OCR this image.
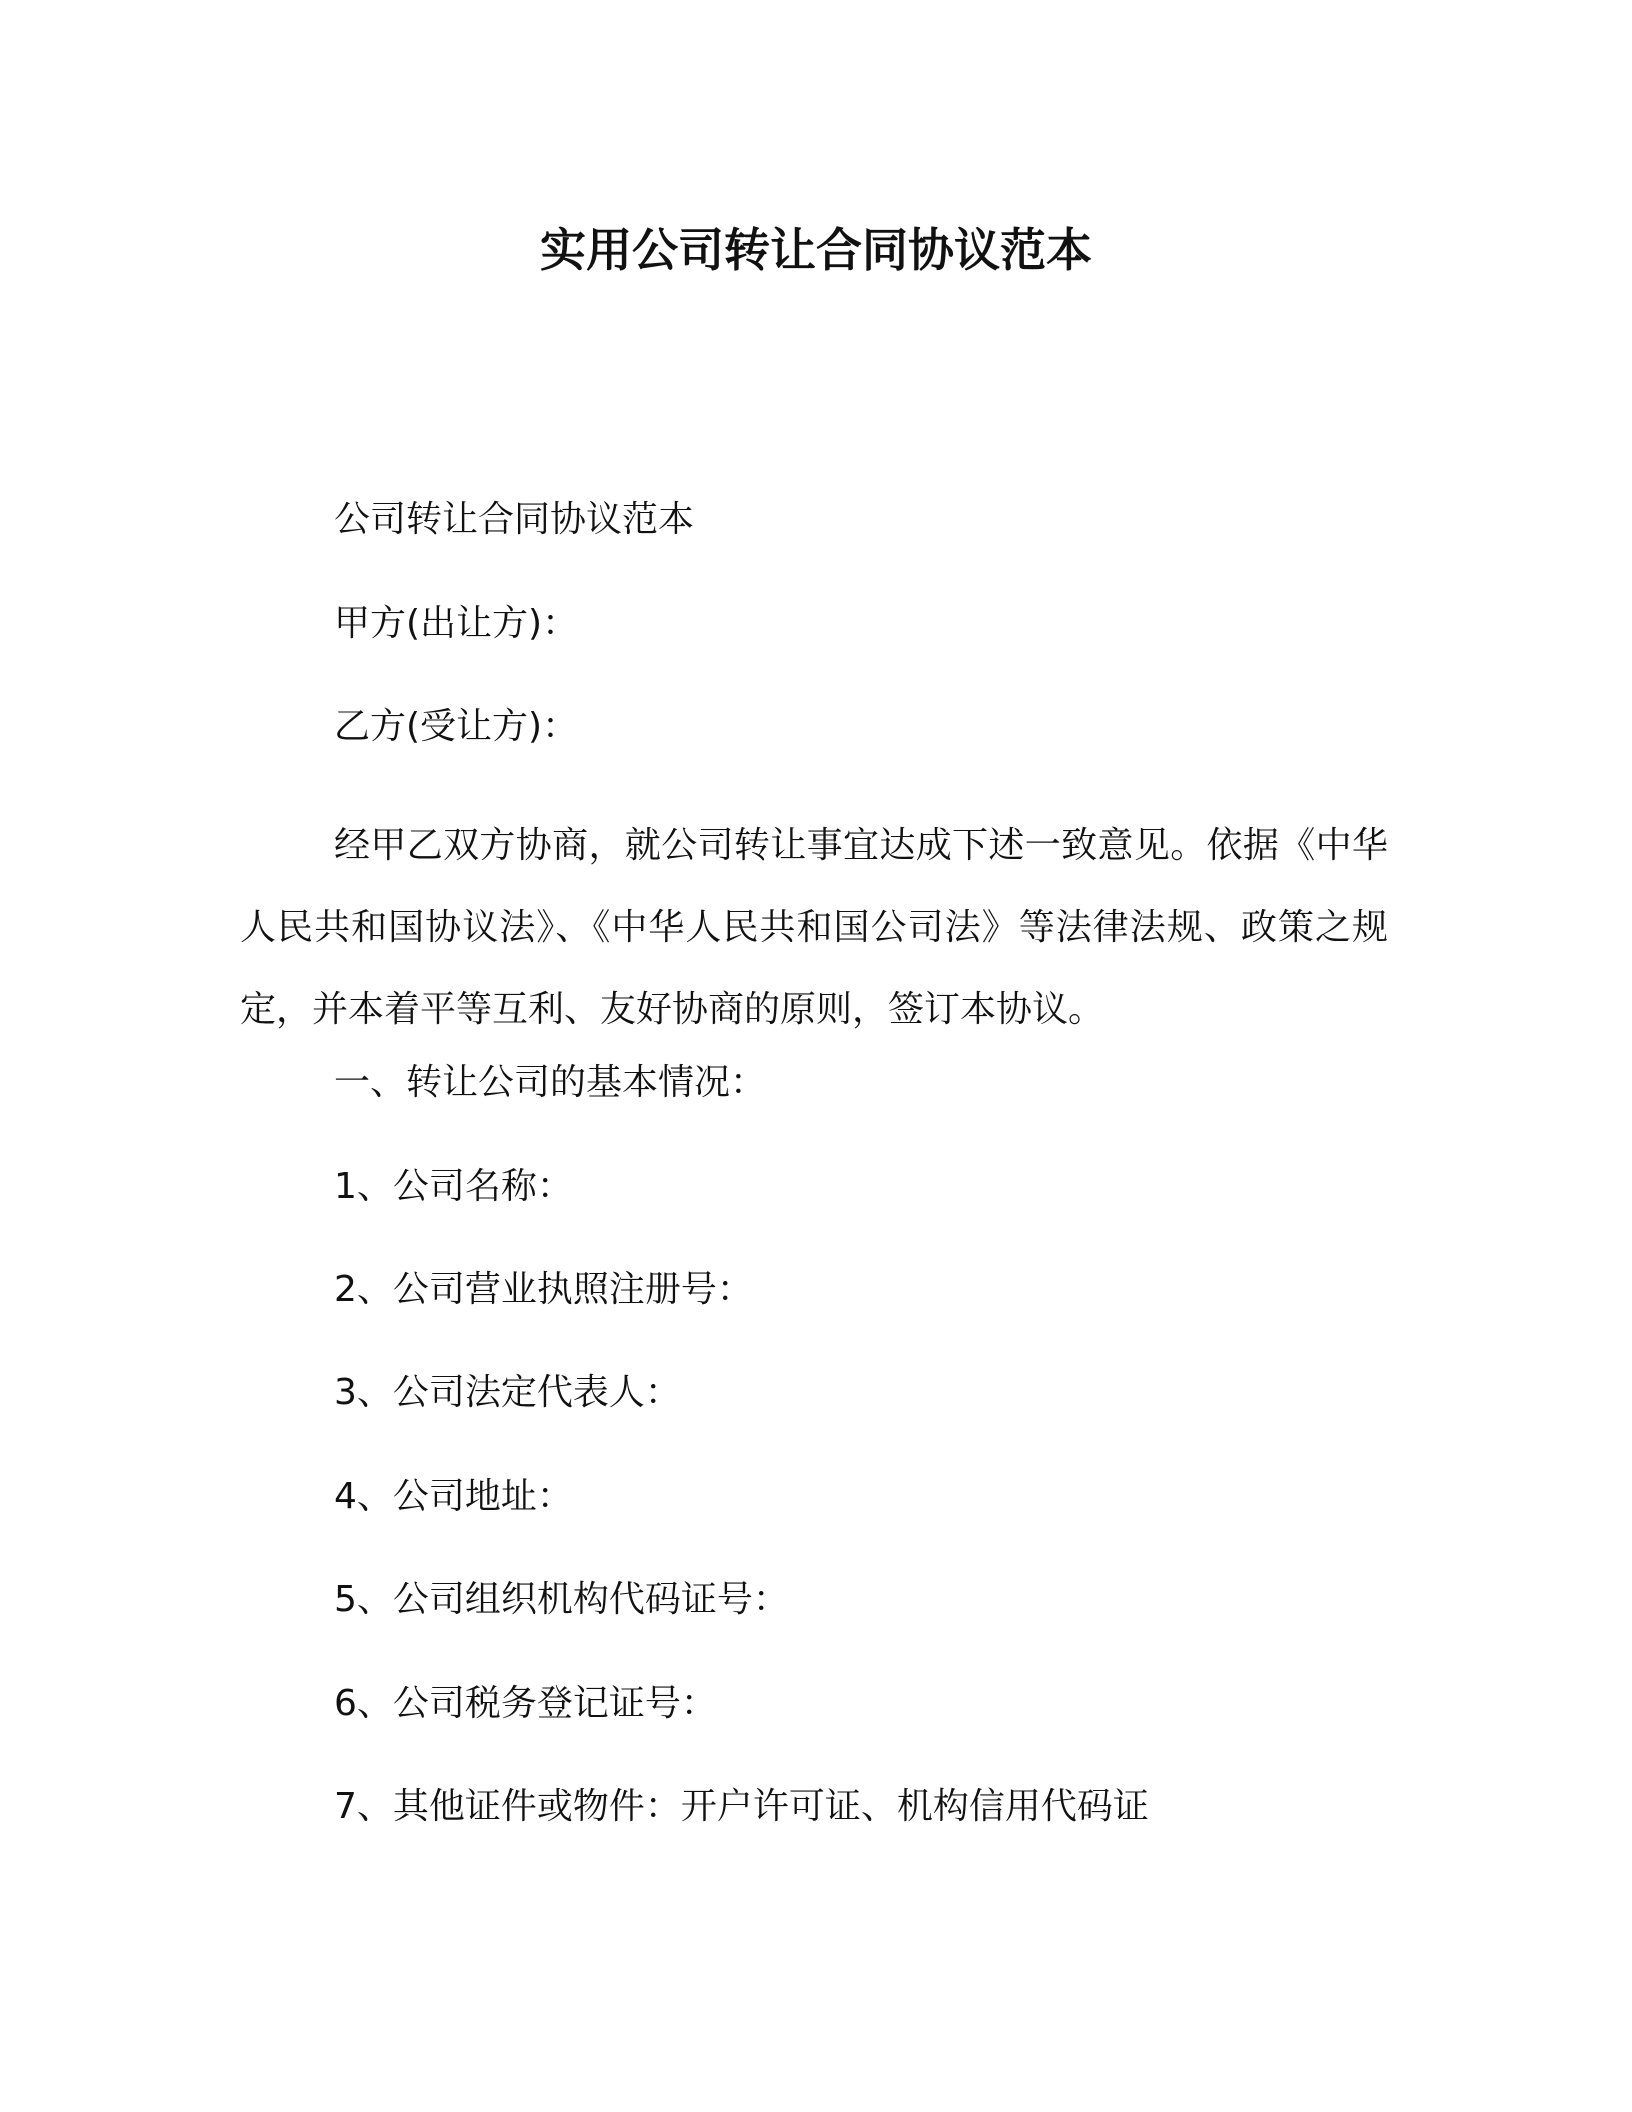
实用公司转让合同协议范本
公司转让合同协议范本
甲方(出让方)：
乙方(受让方)：
经甲乙双方协商，就公司转让事宜达成下述一致意见。依据《中华人民共和国协议法》、《中华人民共和国公司法》等法律法规、政策之规定，并本着平等互利、友好协商的原则，签订本协议。
一、转让公司的基本情况：
1、公司名称：
2、公司营业执照注册号：
3、公司法定代表人：
4、公司地址：
5、公司组织机构代码证号：
6、公司税务登记证号：
7、其他证件或物件：开户许可证、机构信用代码证
